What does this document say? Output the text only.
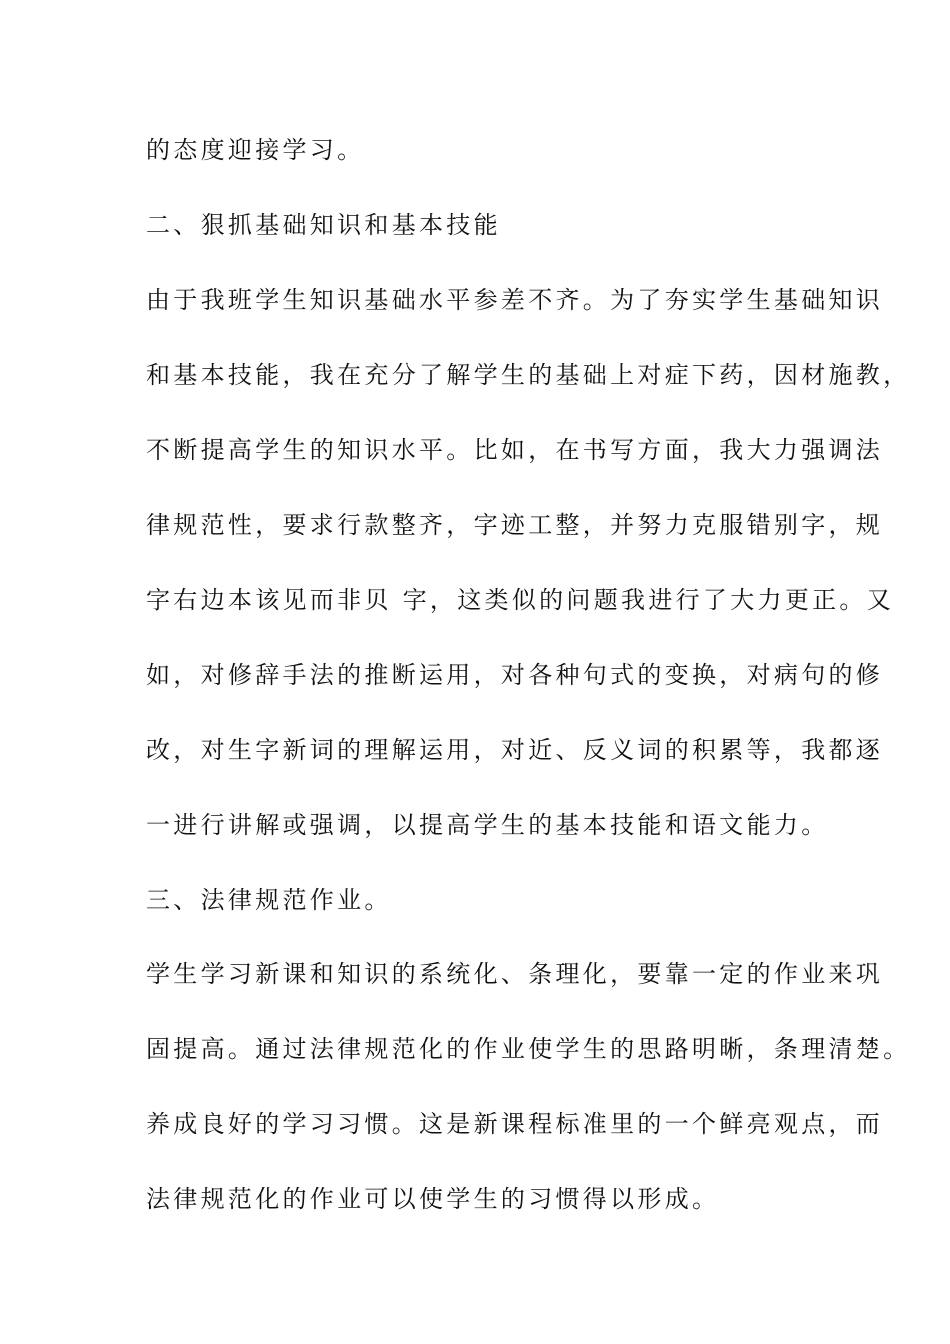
的态度迎接学习。
二、狠抓基础知识和基本技能
由于我班学生知识基础水平参差不齐。为了夯实学生基础知识
和基本技能，我在充分了解学生的基础上对症下药，因材施教，
不断提高学生的知识水平。比如，在书写方面，我大力强调法
律规范性，要求行款整齐，字迹工整，并努力克服错别字，规
字右边本该见而非贝 字，这类似的问题我进行了大力更正。又
如，对修辞手法的推断运用，对各种句式的变换，对病句的修
改，对生字新词的理解运用，对近、反义词的积累等，我都逐
一进行讲解或强调，以提高学生的基本技能和语文能力。
三、法律规范作业。
学生学习新课和知识的系统化、条理化，要靠一定的作业来巩
固提高。通过法律规范化的作业使学生的思路明晰，条理清楚。
养成良好的学习习惯。这是新课程标准里的一个鲜亮观点，而
法律规范化的作业可以使学生的习惯得以形成。
